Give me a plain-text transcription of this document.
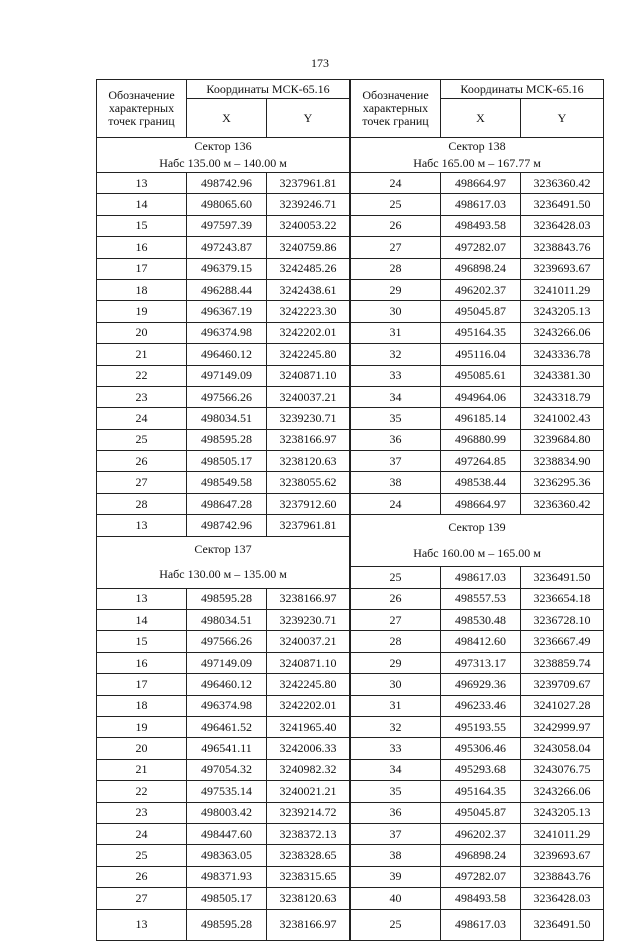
173
Обозначение характерных точек границ	Координаты МСК-65.16	
	X	Y
Сектор 136		
Набс 135.00 м – 140.00 м		
13	498742.96	3237961.81
14	498065.60	3239246.71
15	497597.39	3240053.22
16	497243.87	3240759.86
17	496379.15	3242485.26
18	496288.44	3242438.61
19	496367.19	3242223.30
20	496374.98	3242202.01
21	496460.12	3242245.80
22	497149.09	3240871.10
23	497566.26	3240037.21
24	498034.51	3239230.71
25	498595.28	3238166.97
26	498505.17	3238120.63
27	498549.58	3238055.62
28	498647.28	3237912.60
13	498742.96	3237961.81
Сектор 137		
Набс 130.00 м – 135.00 м		
13	498595.28	3238166.97
14	498034.51	3239230.71
15	497566.26	3240037.21
16	497149.09	3240871.10
17	496460.12	3242245.80
18	496374.98	3242202.01
19	496461.52	3241965.40
20	496541.11	3242006.33
21	497054.32	3240982.32
22	497535.14	3240021.21
23	498003.42	3239214.72
24	498447.60	3238372.13
25	498363.05	3238328.65
26	498371.93	3238315.65
27	498505.17	3238120.63
13	498595.28	3238166.97
Обозначение характерных точек границ	Координаты МСК-65.16	
	X	Y
Сектор 138		
Набс 165.00 м – 167.77 м		
24	498664.97	3236360.42
25	498617.03	3236491.50
26	498493.58	3236428.03
27	497282.07	3238843.76
28	496898.24	3239693.67
29	496202.37	3241011.29
30	495045.87	3243205.13
31	495164.35	3243266.06
32	495116.04	3243336.78
33	495085.61	3243381.30
34	494964.06	3243318.79
35	496185.14	3241002.43
36	496880.99	3239684.80
37	497264.85	3238834.90
38	498538.44	3236295.36
24	498664.97	3236360.42
Сектор 139		
Набс 160.00 м – 165.00 м		
25	498617.03	3236491.50
26	498557.53	3236654.18
27	498530.48	3236728.10
28	498412.60	3236667.49
29	497313.17	3238859.74
30	496929.36	3239709.67
31	496233.46	3241027.28
32	495193.55	3242999.97
33	495306.46	3243058.04
34	495293.68	3243076.75
35	495164.35	3243266.06
36	495045.87	3243205.13
37	496202.37	3241011.29
38	496898.24	3239693.67
39	497282.07	3238843.76
40	498493.58	3236428.03
25	498617.03	3236491.50
